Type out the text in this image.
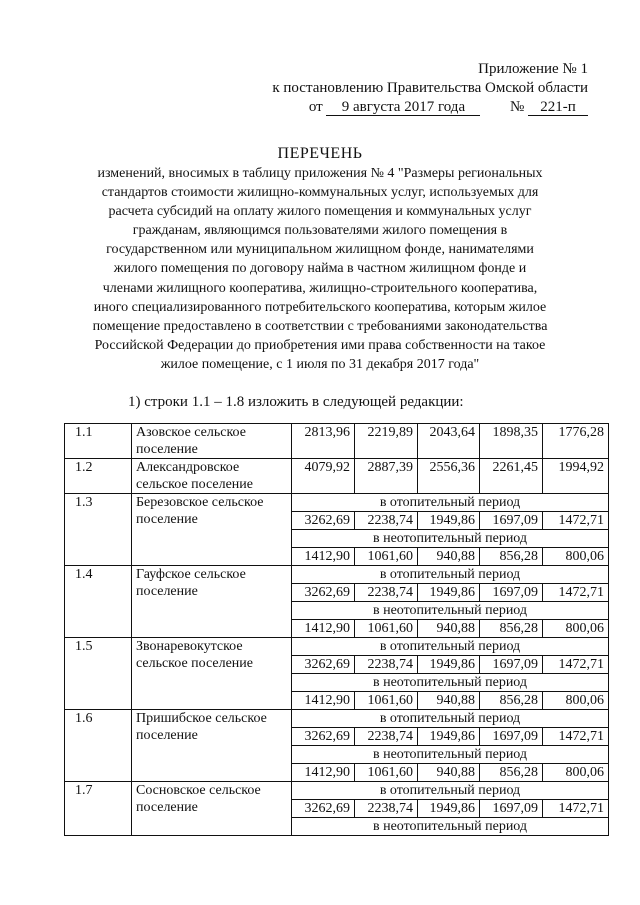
Приложение № 1
к постановлению Правительства Омской области
от 9 августа 2017 года	№ 221-п
ПЕРЕЧЕНЬ
изменений, вносимых в таблицу приложения № 4 "Размеры региональных
стандартов стоимости жилищно-коммунальных услуг, используемых для
расчета субсидий на оплату жилого помещения и коммунальных услуг
гражданам, являющимся пользователями жилого помещения в
государственном или муниципальном жилищном фонде, нанимателями
жилого помещения по договору найма в частном жилищном фонде и
членами жилищного кооператива, жилищно-строительного кооператива,
иного специализированного потребительского кооператива, которым жилое
помещение предоставлено в соответствии с требованиями законодательства
Российской Федерации до приобретения ими права собственности на такое
жилое помещение, с 1 июля по 31 декабря 2017 года"
1) строки 1.1 – 1.8 изложить в следующей редакции:
1.1	Азовское сельское
поселение	2813,96	2219,89	2043,64	1898,35	1776,28
1.2	Александровское
сельское поселение	4079,92	2887,39	2556,36	2261,45	1994,92
1.3	Березовское сельское
поселение	в отопительный период				
		3262,69	2238,74	1949,86	1697,09	1472,71
		в неотопительный период				
		1412,90	1061,60	940,88	856,28	800,06
1.4	Гауфское сельское
поселение	в отопительный период				
		3262,69	2238,74	1949,86	1697,09	1472,71
		в неотопительный период				
		1412,90	1061,60	940,88	856,28	800,06
1.5	Звонаревокутское
сельское поселение	в отопительный период				
		3262,69	2238,74	1949,86	1697,09	1472,71
		в неотопительный период				
		1412,90	1061,60	940,88	856,28	800,06
1.6	Пришибское сельское
поселение	в отопительный период				
		3262,69	2238,74	1949,86	1697,09	1472,71
		в неотопительный период				
		1412,90	1061,60	940,88	856,28	800,06
1.7	Сосновское сельское
поселение	в отопительный период				
		3262,69	2238,74	1949,86	1697,09	1472,71
		в неотопительный период				
